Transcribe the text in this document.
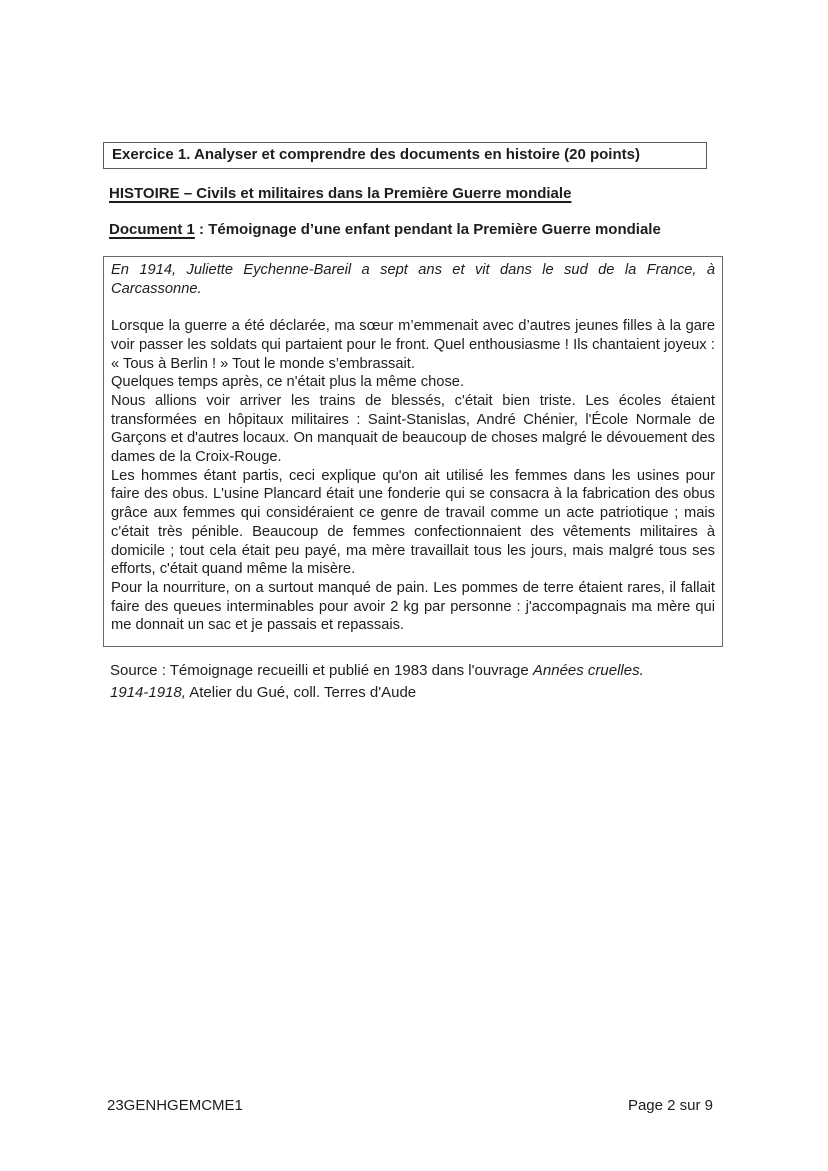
Exercice 1. Analyser et comprendre des documents en histoire (20 points)
HISTOIRE – Civils et militaires dans la Première Guerre mondiale
Document 1 : Témoignage d’une enfant pendant la Première Guerre mondiale

En 1914, Juliette Eychenne-Bareil a sept ans et vit dans le sud de la France, à Carcassonne.

Lorsque la guerre a été déclarée, ma sœur m’emmenait avec d’autres jeunes filles à la gare voir passer les soldats qui partaient pour le front. Quel enthousiasme ! Ils chantaient joyeux : « Tous à Berlin ! » Tout le monde s’embrassait.

Quelques temps après, ce n'était plus la même chose.

Nous allions voir arriver les trains de blessés, c'était bien triste. Les écoles étaient transformées en hôpitaux militaires : Saint-Stanislas, André Chénier, l'École Normale de Garçons et d'autres locaux. On manquait de beaucoup de choses malgré le dévouement des dames de la Croix-Rouge.

Les hommes étant partis, ceci explique qu'on ait utilisé les femmes dans les usines pour faire des obus. L'usine Plancard était une fonderie qui se consacra à la fabrication des obus grâce aux femmes qui considéraient ce genre de travail comme un acte patriotique ; mais c'était très pénible. Beaucoup de femmes confectionnaient des vêtements militaires à domicile ; tout cela était peu payé, ma mère travaillait tous les jours, mais malgré tous ses efforts, c'était quand même la misère.

Pour la nourriture, on a surtout manqué de pain. Les pommes de terre étaient rares, il fallait faire des queues interminables pour avoir 2 kg par personne : j'accompagnais ma mère qui me donnait un sac et je passais et repassais.

Source : Témoignage recueilli et publié en 1983 dans l'ouvrage Années cruelles.
1914-1918, Atelier du Gué, coll. Terres d'Aude

23GENHGEMCME1	Page 2 sur 9
